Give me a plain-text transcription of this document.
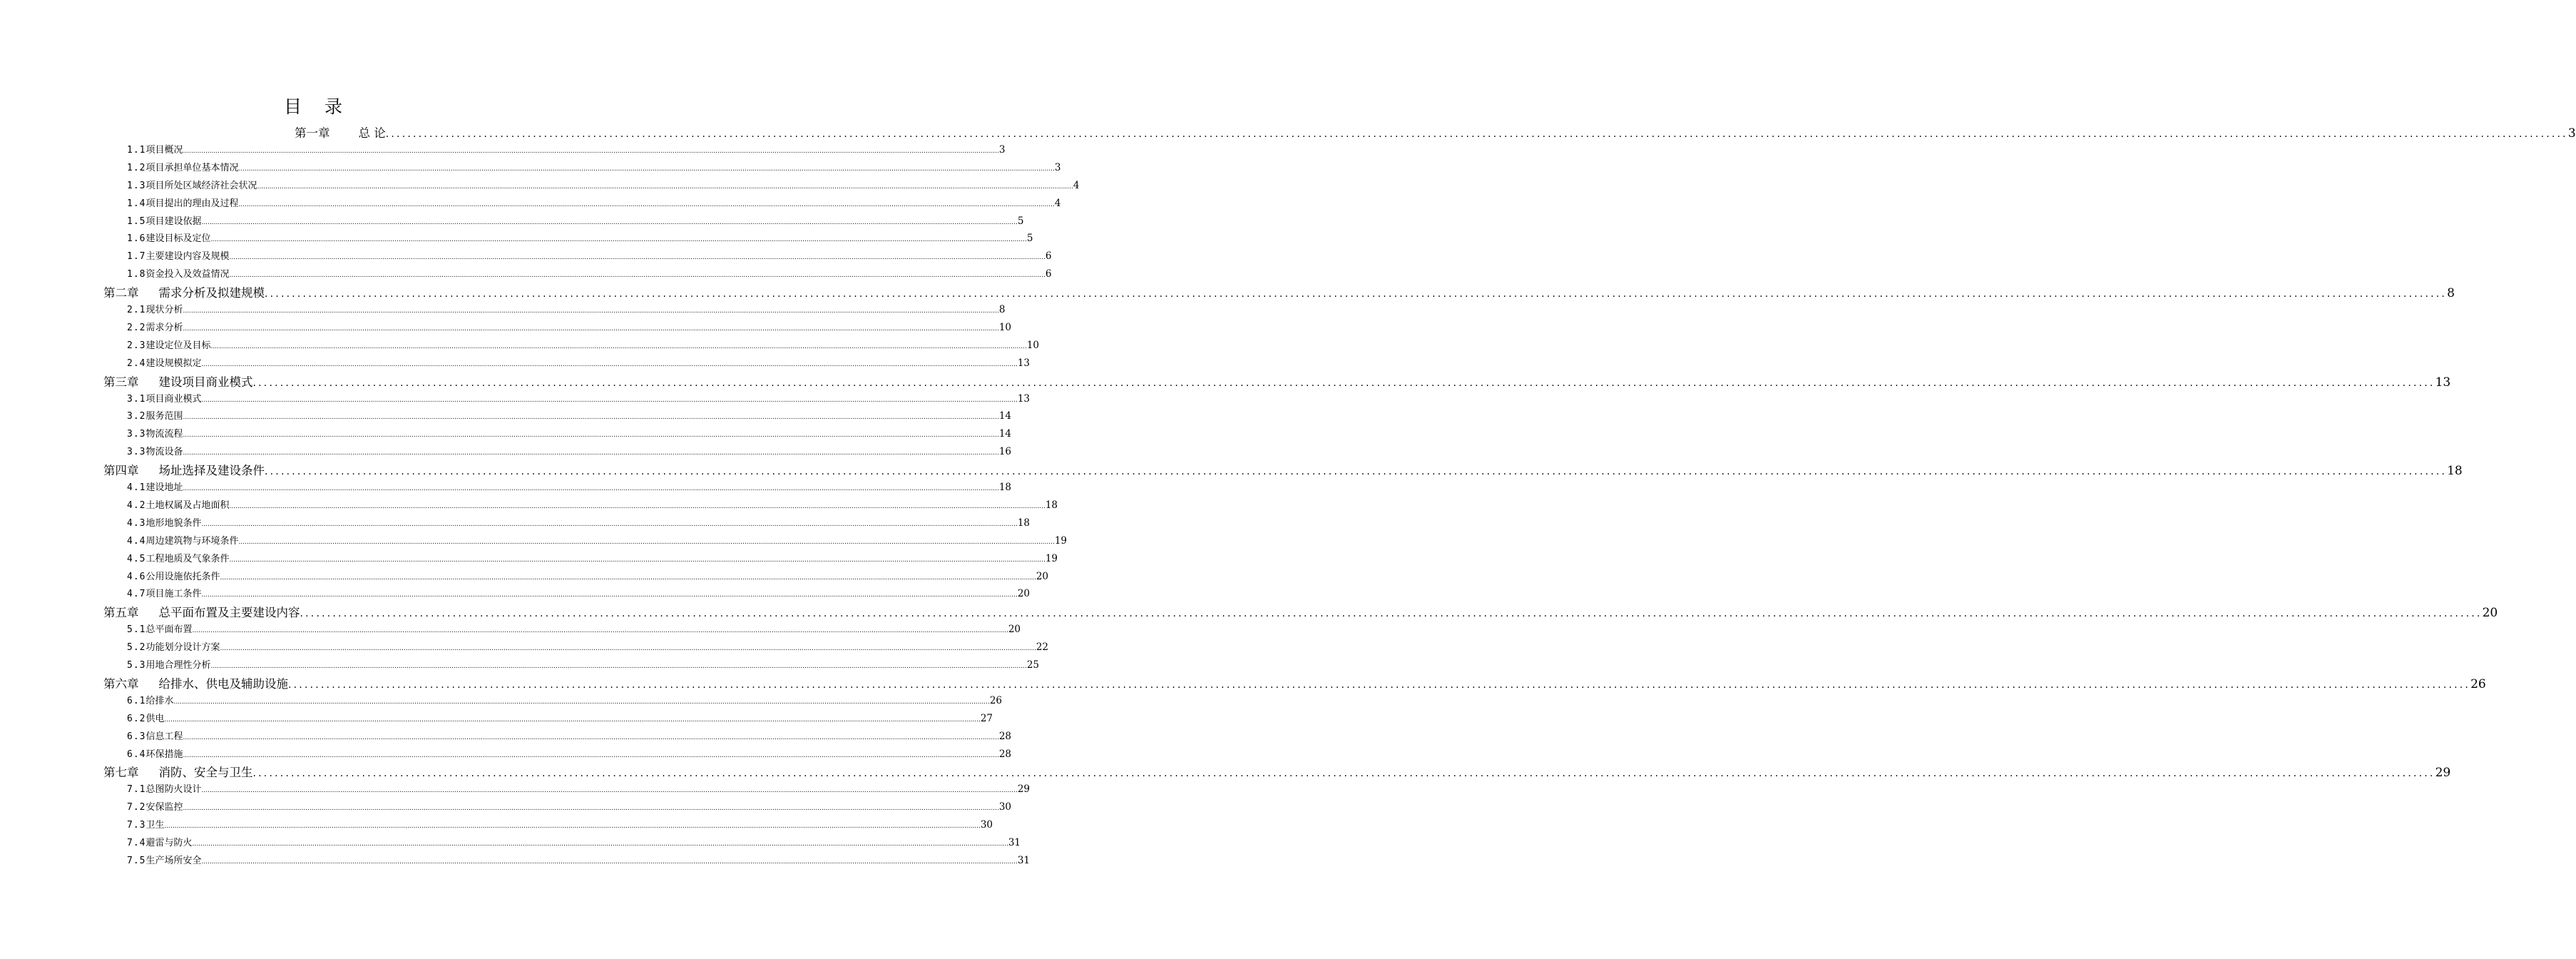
目 录
第一章 总 论 ................................................................................................................................................................................................................................................................................................................................................................................................................ 3
1.1项目概况 ................................................................................................................................................................................................................................................................................................................................................................................................................ 3
1.2项目承担单位基本情况 ................................................................................................................................................................................................................................................................................................................................................................................................................ 3
1.3项目所处区域经济社会状况 ................................................................................................................................................................................................................................................................................................................................................................................................................ 4
1.4项目提出的理由及过程 ................................................................................................................................................................................................................................................................................................................................................................................................................ 4
1.5项目建设依据 ................................................................................................................................................................................................................................................................................................................................................................................................................ 5
1.6建设目标及定位 ................................................................................................................................................................................................................................................................................................................................................................................................................ 5
1.7主要建设内容及规模 ................................................................................................................................................................................................................................................................................................................................................................................................................ 6
1.8资金投入及效益情况 ................................................................................................................................................................................................................................................................................................................................................................................................................ 6
第二章 需求分析及拟建规模 ................................................................................................................................................................................................................................................................................................................................................................................................................ 8
2.1现状分析 ................................................................................................................................................................................................................................................................................................................................................................................................................ 8
2.2需求分析 ................................................................................................................................................................................................................................................................................................................................................................................................................ 10
2.3建设定位及目标 ................................................................................................................................................................................................................................................................................................................................................................................................................ 10
2.4建设规模拟定 ................................................................................................................................................................................................................................................................................................................................................................................................................ 13
第三章 建设项目商业模式 ................................................................................................................................................................................................................................................................................................................................................................................................................ 13
3.1项目商业模式 ................................................................................................................................................................................................................................................................................................................................................................................................................ 13
3.2服务范围 ................................................................................................................................................................................................................................................................................................................................................................................................................ 14
3.3物流流程 ................................................................................................................................................................................................................................................................................................................................................................................................................ 14
3.3物流设备 ................................................................................................................................................................................................................................................................................................................................................................................................................ 16
第四章 场址选择及建设条件 ................................................................................................................................................................................................................................................................................................................................................................................................................ 18
4.1建设地址 ................................................................................................................................................................................................................................................................................................................................................................................................................ 18
4.2土地权属及占地面积 ................................................................................................................................................................................................................................................................................................................................................................................................................ 18
4.3地形地貌条件 ................................................................................................................................................................................................................................................................................................................................................................................................................ 18
4.4周边建筑物与环境条件 ................................................................................................................................................................................................................................................................................................................................................................................................................ 19
4.5工程地质及气象条件 ................................................................................................................................................................................................................................................................................................................................................................................................................ 19
4.6公用设施依托条件 ................................................................................................................................................................................................................................................................................................................................................................................................................ 20
4.7项目施工条件 ................................................................................................................................................................................................................................................................................................................................................................................................................ 20
第五章 总平面布置及主要建设内容 ................................................................................................................................................................................................................................................................................................................................................................................................................ 20
5.1总平面布置 ................................................................................................................................................................................................................................................................................................................................................................................................................ 20
5.2功能划分设计方案 ................................................................................................................................................................................................................................................................................................................................................................................................................ 22
5.3用地合理性分析 ................................................................................................................................................................................................................................................................................................................................................................................................................ 25
第六章 给排水、供电及辅助设施 ................................................................................................................................................................................................................................................................................................................................................................................................................ 26
6.1给排水 ................................................................................................................................................................................................................................................................................................................................................................................................................ 26
6.2供电 ................................................................................................................................................................................................................................................................................................................................................................................................................ 27
6.3信息工程 ................................................................................................................................................................................................................................................................................................................................................................................................................ 28
6.4环保措施 ................................................................................................................................................................................................................................................................................................................................................................................................................ 28
第七章 消防、安全与卫生 ................................................................................................................................................................................................................................................................................................................................................................................................................ 29
7.1总图防火设计 ................................................................................................................................................................................................................................................................................................................................................................................................................ 29
7.2安保监控 ................................................................................................................................................................................................................................................................................................................................................................................................................ 30
7.3卫生 ................................................................................................................................................................................................................................................................................................................................................................................................................ 30
7.4避雷与防火 ................................................................................................................................................................................................................................................................................................................................................................................................................ 31
7.5生产场所安全 ................................................................................................................................................................................................................................................................................................................................................................................................................ 31
